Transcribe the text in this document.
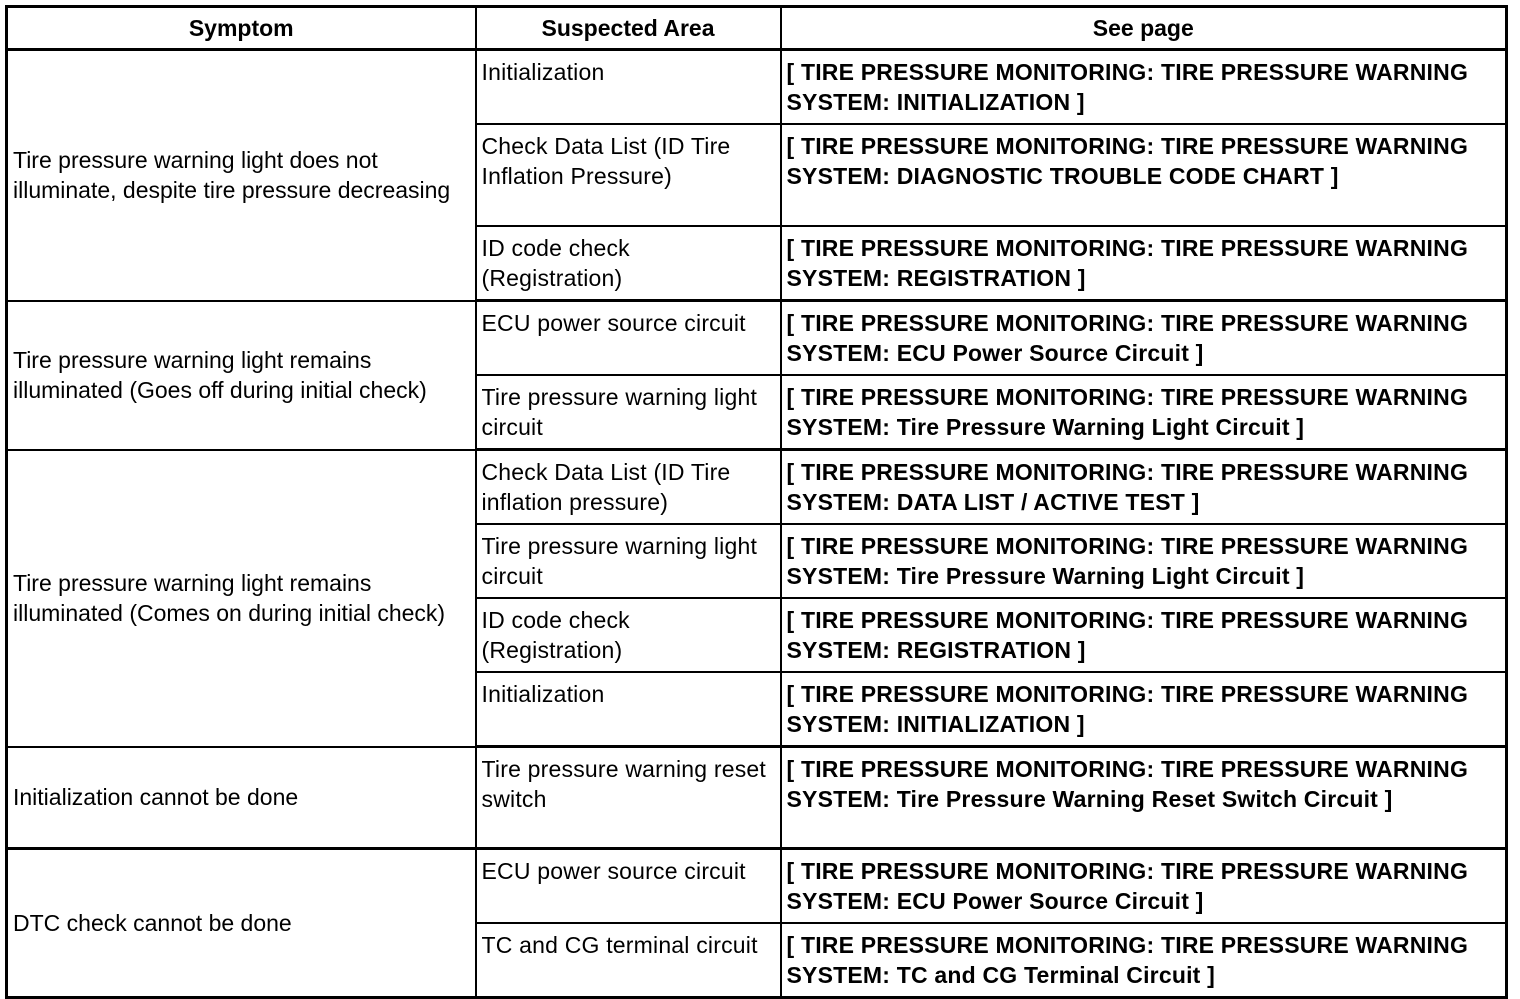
Symptom	Suspected Area	See page
Tire pressure warning light does not illuminate, despite tire pressure decreasing	Initialization	[ TIRE PRESSURE MONITORING: TIRE PRESSURE WARNING SYSTEM: INITIALIZATION ]
	Check Data List (ID Tire Inflation Pressure)	[ TIRE PRESSURE MONITORING: TIRE PRESSURE WARNING SYSTEM: DIAGNOSTIC TROUBLE CODE CHART ]
	ID code check (Registration)	[ TIRE PRESSURE MONITORING: TIRE PRESSURE WARNING SYSTEM: REGISTRATION ]
Tire pressure warning light remains illuminated (Goes off during initial check)	ECU power source circuit	[ TIRE PRESSURE MONITORING: TIRE PRESSURE WARNING SYSTEM: ECU Power Source Circuit ]
	Tire pressure warning light circuit	[ TIRE PRESSURE MONITORING: TIRE PRESSURE WARNING SYSTEM: Tire Pressure Warning Light Circuit ]
Tire pressure warning light remains illuminated (Comes on during initial check)	Check Data List (ID Tire inflation pressure)	[ TIRE PRESSURE MONITORING: TIRE PRESSURE WARNING SYSTEM: DATA LIST / ACTIVE TEST ]
	Tire pressure warning light circuit	[ TIRE PRESSURE MONITORING: TIRE PRESSURE WARNING SYSTEM: Tire Pressure Warning Light Circuit ]
	ID code check (Registration)	[ TIRE PRESSURE MONITORING: TIRE PRESSURE WARNING SYSTEM: REGISTRATION ]
	Initialization	[ TIRE PRESSURE MONITORING: TIRE PRESSURE WARNING SYSTEM: INITIALIZATION ]
Initialization cannot be done	Tire pressure warning reset switch	[ TIRE PRESSURE MONITORING: TIRE PRESSURE WARNING SYSTEM: Tire Pressure Warning Reset Switch Circuit ]
DTC check cannot be done	ECU power source circuit	[ TIRE PRESSURE MONITORING: TIRE PRESSURE WARNING SYSTEM: ECU Power Source Circuit ]
	TC and CG terminal circuit	[ TIRE PRESSURE MONITORING: TIRE PRESSURE WARNING SYSTEM: TC and CG Terminal Circuit ]
